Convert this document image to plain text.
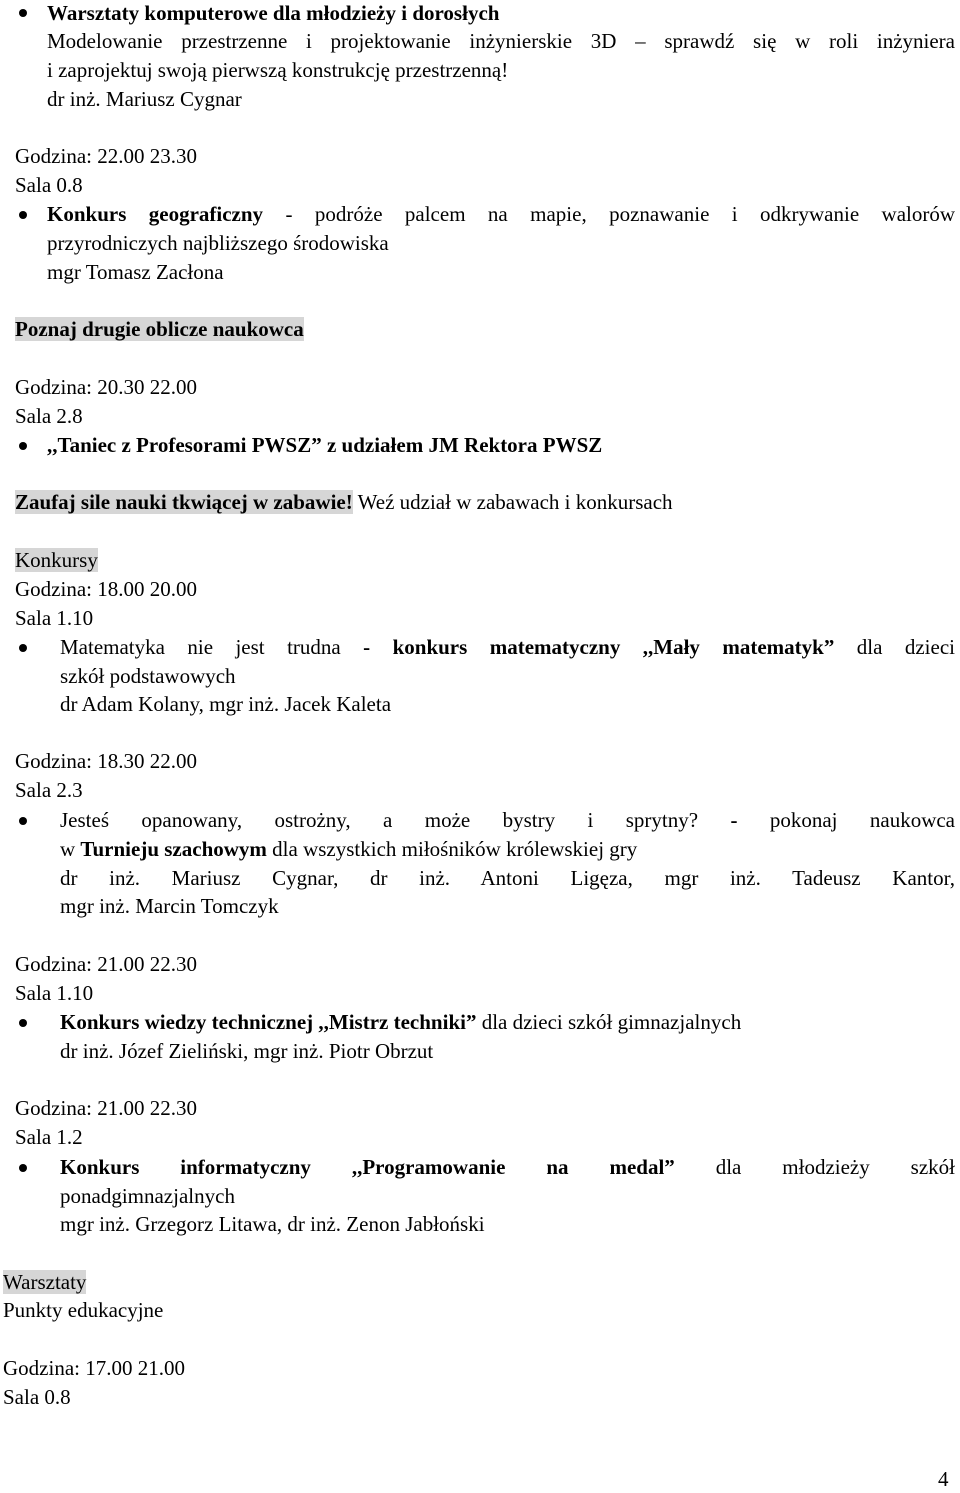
Warsztaty komputerowe dla młodzieży i dorosłych
Modelowanie przestrzenne i projektowanie inżynierskie 3D – sprawdź się w roli inżyniera
i zaprojektuj swoją pierwszą konstrukcję przestrzenną!
dr inż. Mariusz Cygnar
Godzina: 22.00 23.30
Sala 0.8
Konkurs geograficzny - podróże palcem na mapie, poznawanie i odkrywanie walorów
przyrodniczych najbliższego środowiska
mgr Tomasz Zacłona
Poznaj drugie oblicze naukowca
Godzina: 20.30 22.00
Sala 2.8
,,Taniec z Profesorami PWSZ” z udziałem JM Rektora PWSZ
Zaufaj sile nauki tkwiącej w zabawie! Weź udział w zabawach i konkursach
Konkursy
Godzina: 18.00 20.00
Sala 1.10
Matematyka nie jest trudna - konkurs matematyczny ,,Mały matematyk” dla dzieci
szkół podstawowych
dr Adam Kolany, mgr inż. Jacek Kaleta
Godzina: 18.30 22.00
Sala 2.3
Jesteś opanowany, ostrożny, a może bystry i sprytny? - pokonaj naukowca
w Turnieju szachowym dla wszystkich miłośników królewskiej gry
dr inż. Mariusz Cygnar, dr inż. Antoni Ligęza, mgr inż. Tadeusz Kantor,
mgr inż. Marcin Tomczyk
Godzina: 21.00 22.30
Sala 1.10
Konkurs wiedzy technicznej ,,Mistrz techniki” dla dzieci szkół gimnazjalnych
dr inż. Józef Zieliński, mgr inż. Piotr Obrzut
Godzina: 21.00 22.30
Sala 1.2
Konkurs informatyczny ,,Programowanie na medal” dla młodzieży szkół
ponadgimnazjalnych
mgr inż. Grzegorz Litawa, dr inż. Zenon Jabłoński
Warsztaty
Punkty edukacyjne
Godzina: 17.00 21.00
Sala 0.8
4
